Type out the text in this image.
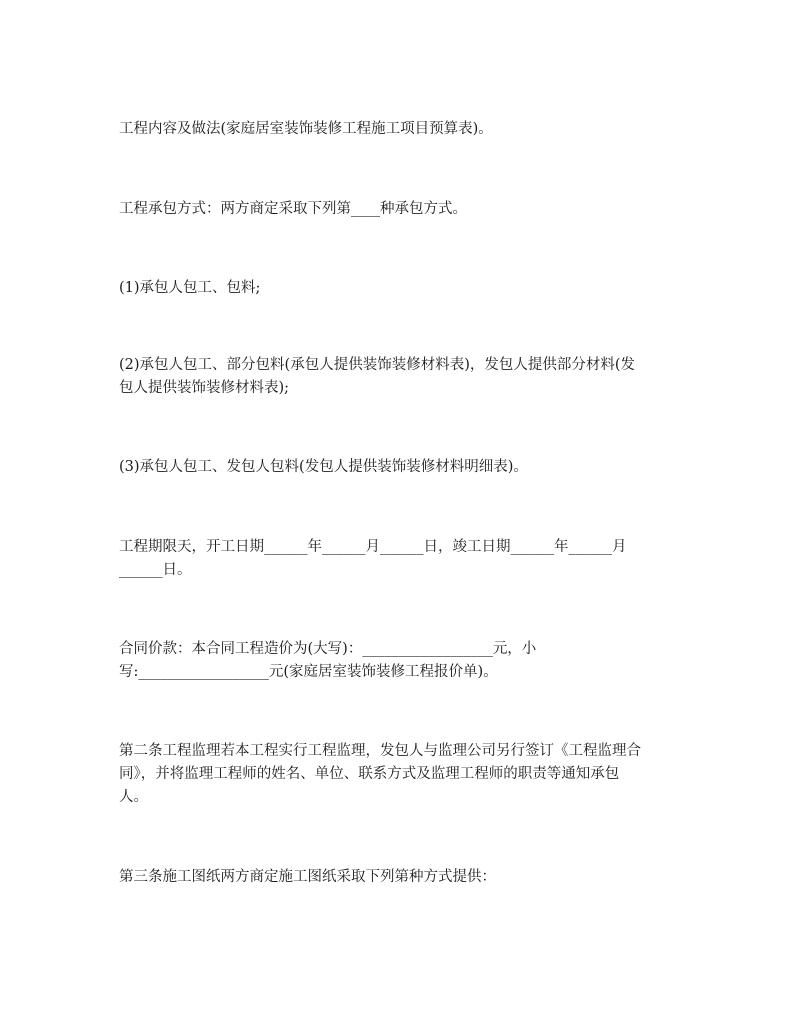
工程内容及做法(家庭居室装饰装修工程施工项目预算表)。

工程承包方式：两方商定采取下列第____种承包方式。

(1)承包人包工、包料;

(2)承包人包工、部分包料(承包人提供装饰装修材料表)，发包人提供部分材料(发
包人提供装饰装修材料表);

(3)承包人包工、发包人包料(发包人提供装饰装修材料明细表)。

工程期限天，开工日期______年______月______日，竣工日期______年______月
______日。

合同价款：本合同工程造价为(大写)：__________________元，小
写:__________________元(家庭居室装饰装修工程报价单)。

第二条工程监理若本工程实行工程监理，发包人与监理公司另行签订《工程监理合
同》，并将监理工程师的姓名、单位、联系方式及监理工程师的职责等通知承包
人。

第三条施工图纸两方商定施工图纸采取下列第种方式提供：
